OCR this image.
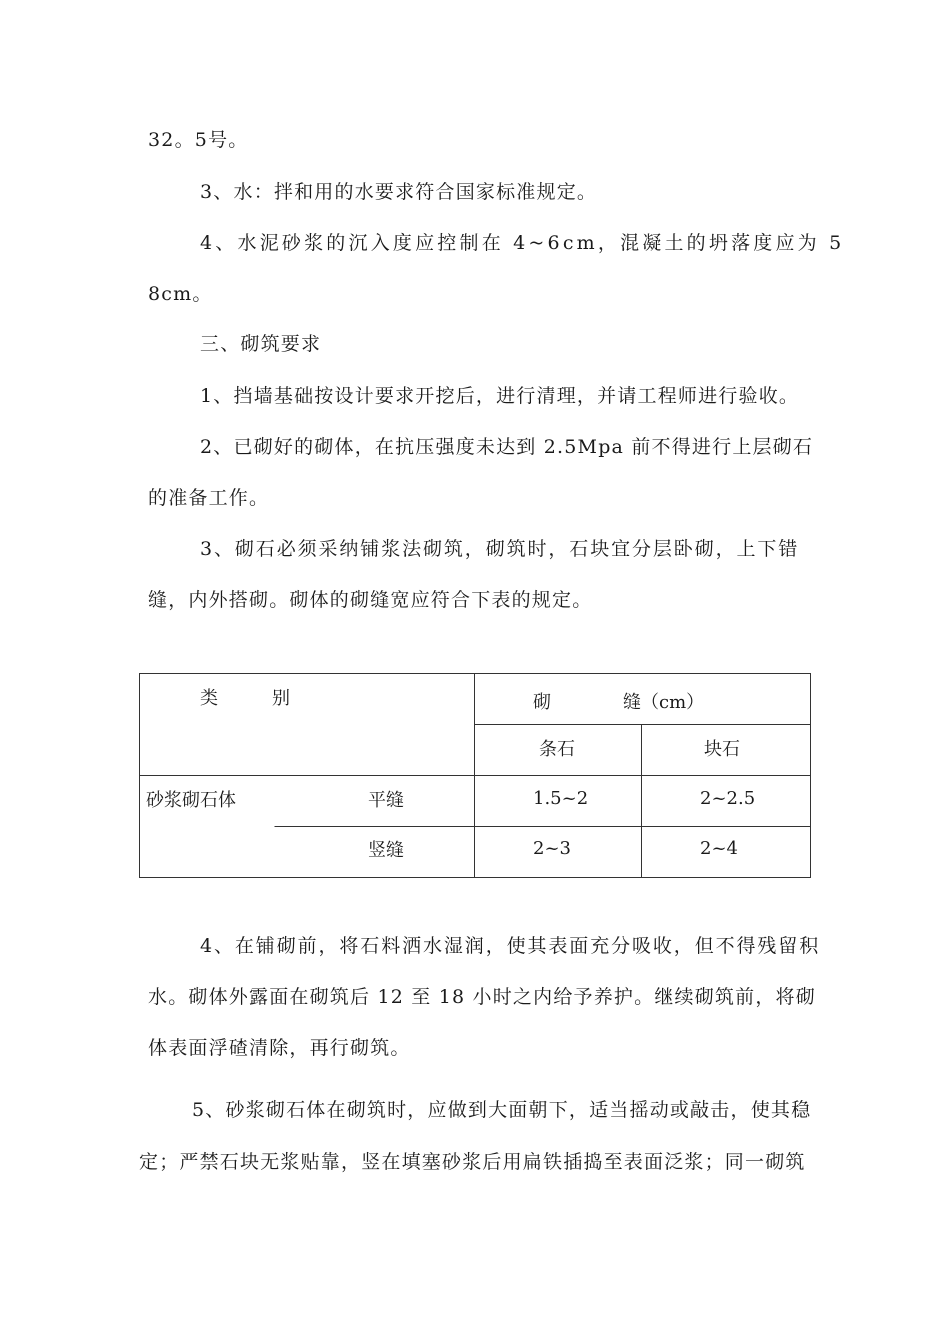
32。5号。
3、水：拌和用的水要求符合国家标准规定。
4、水泥砂浆的沉入度应控制在 4~6cm，混凝土的坍落度应为 5
8cm。
三、砌筑要求
1、挡墙基础按设计要求开挖后，进行清理，并请工程师进行验收。
2、已砌好的砌体，在抗压强度未达到 2.5Mpa 前不得进行上层砌石
的准备工作。
3、砌石必须采纳铺浆法砌筑，砌筑时，石块宜分层卧砌，上下错
缝，内外搭砌。砌体的砌缝宽应符合下表的规定。
类　　　别	砌　　　　缝（cm）
条石	块石
砂浆砌石体	平缝	1.5~2	2~2.5
竖缝	2~3	2~4
4、在铺砌前，将石料洒水湿润，使其表面充分吸收，但不得残留积
水。砌体外露面在砌筑后 12 至 18 小时之内给予养护。继续砌筑前，将砌
体表面浮碴清除，再行砌筑。
5、砂浆砌石体在砌筑时，应做到大面朝下，适当摇动或敲击，使其稳
定；严禁石块无浆贴靠，竖在填塞砂浆后用扁铁插捣至表面泛浆；同一砌筑
